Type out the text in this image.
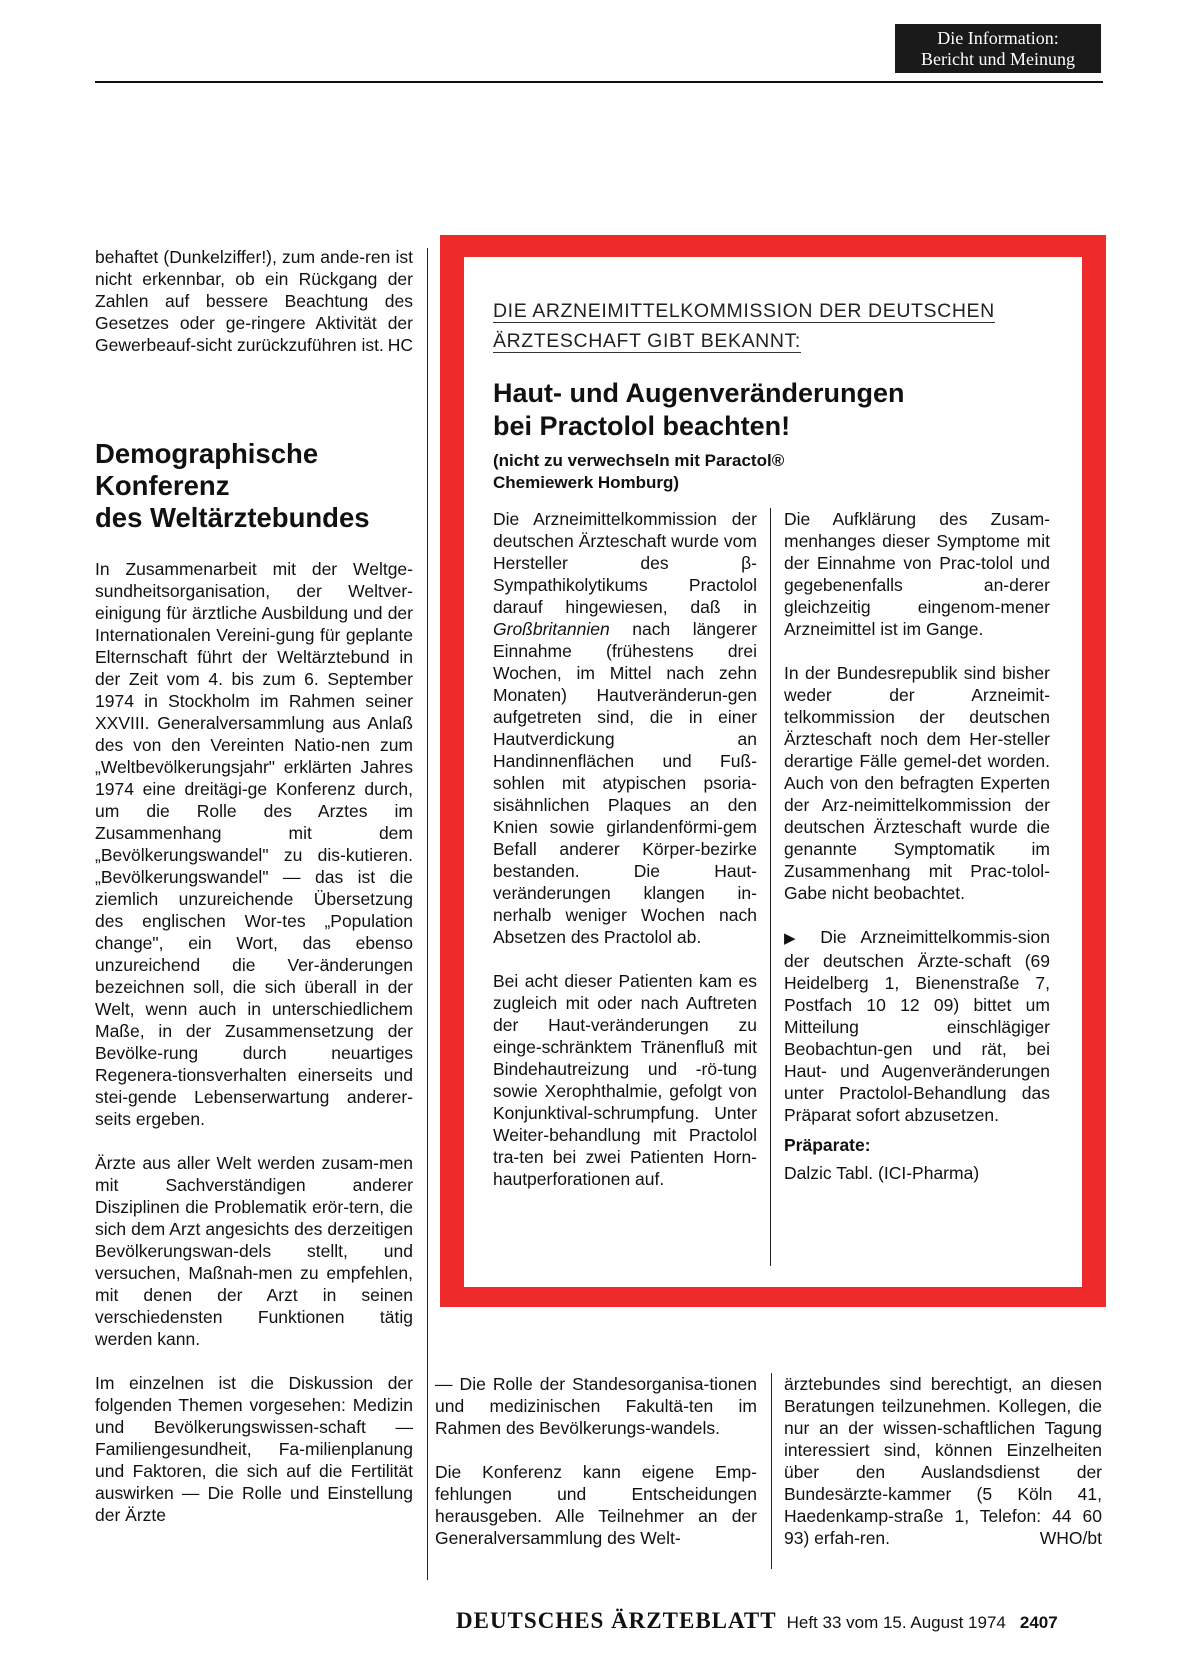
Die Information:
Bericht und Meinung

behaftet (Dunkelziffer!), zum ande-ren ist nicht erkennbar, ob ein Rückgang der Zahlen auf bessere Beachtung des Gesetzes oder ge-ringere Aktivität der Gewerbeauf-sicht zurückzuführen ist. HC
Demographische
Konferenz
des Weltärztebundes

In Zusammenarbeit mit der Weltge-sundheitsorganisation, der Weltver-einigung für ärztliche Ausbildung und der Internationalen Vereini-gung für geplante Elternschaft führt der Weltärztebund in der Zeit vom 4. bis zum 6. September 1974 in Stockholm im Rahmen seiner XXVIII. Generalversammlung aus Anlaß des von den Vereinten Natio-nen zum „Weltbevölkerungsjahr" erklärten Jahres 1974 eine dreitägi-ge Konferenz durch, um die Rolle des Arztes im Zusammenhang mit dem „Bevölkerungswandel" zu dis-kutieren. „Bevölkerungswandel" — das ist die ziemlich unzureichende Übersetzung des englischen Wor-tes „Population change", ein Wort, das ebenso unzureichend die Ver-änderungen bezeichnen soll, die sich überall in der Welt, wenn auch in unterschiedlichem Maße, in der Zusammensetzung der Bevölke-rung durch neuartiges Regenera-tionsverhalten einerseits und stei-gende Lebenserwartung anderer-seits ergeben.

Ärzte aus aller Welt werden zusam-men mit Sachverständigen anderer Disziplinen die Problematik erör-tern, die sich dem Arzt angesichts des derzeitigen Bevölkerungswan-dels stellt, und versuchen, Maßnah-men zu empfehlen, mit denen der Arzt in seinen verschiedensten Funktionen tätig werden kann.

Im einzelnen ist die Diskussion der folgenden Themen vorgesehen: Medizin und Bevölkerungswissen-schaft — Familiengesundheit, Fa-milienplanung und Faktoren, die sich auf die Fertilität auswirken — Die Rolle und Einstellung der Ärzte

DIE ARZNEIMITTELKOMMISSION DER DEUTSCHEN
ÄRZTESCHAFT GIBT BEKANNT:
Haut- und Augenveränderungen
bei Practolol beachten!
(nicht zu verwechseln mit Paractol®
Chemiewerk Homburg)

Die Arzneimittelkommission der deutschen Ärzteschaft wurde vom Hersteller des β-Sympathikolytikums Practolol darauf hingewiesen, daß in Großbritannien nach längerer Einnahme (frühestens drei Wochen, im Mittel nach zehn Monaten) Hautveränderun-gen aufgetreten sind, die in einer Hautverdickung an Handinnenflächen und Fuß-sohlen mit atypischen psoria-sisähnlichen Plaques an den Knien sowie girlandenförmi-gem Befall anderer Körper-bezirke bestanden. Die Haut-veränderungen klangen in-nerhalb weniger Wochen nach Absetzen des Practolol ab.

Bei acht dieser Patienten kam es zugleich mit oder nach Auftreten der Haut-veränderungen zu einge-schränktem Tränenfluß mit Bindehautreizung und -rö-tung sowie Xerophthalmie, gefolgt von Konjunktival-schrumpfung. Unter Weiter-behandlung mit Practolol tra-ten bei zwei Patienten Horn-hautperforationen auf.

Die Aufklärung des Zusam-menhanges dieser Symptome mit der Einnahme von Prac-tolol und gegebenenfalls an-derer gleichzeitig eingenom-mener Arzneimittel ist im Gange.

In der Bundesrepublik sind bisher weder der Arzneimit-telkommission der deutschen Ärzteschaft noch dem Her-steller derartige Fälle gemel-det worden. Auch von den befragten Experten der Arz-neimittelkommission der deutschen Ärzteschaft wurde die genannte Symptomatik im Zusammenhang mit Prac-tolol-Gabe nicht beobachtet.

▶ Die Arzneimittelkommis-sion der deutschen Ärzte-schaft (69 Heidelberg 1, Bienenstraße 7, Postfach 10 12 09) bittet um Mitteilung einschlägiger Beobachtun-gen und rät, bei Haut- und Augenveränderungen unter Practolol-Behandlung das Präparat sofort abzusetzen.

Präparate:
Dalzic Tabl. (ICI-Pharma)

— Die Rolle der Standesorganisa-tionen und medizinischen Fakultä-ten im Rahmen des Bevölkerungs-wandels.

Die Konferenz kann eigene Emp-fehlungen und Entscheidungen herausgeben. Alle Teilnehmer an der Generalversammlung des Welt-

ärztebundes sind berechtigt, an diesen Beratungen teilzunehmen. Kollegen, die nur an der wissen-schaftlichen Tagung interessiert sind, können Einzelheiten über den Auslandsdienst der Bundesärzte-kammer (5 Köln 41, Haedenkamp-straße 1, Telefon: 44 60 93) erfah-ren.	WHO/bt
DEUTSCHES ÄRZTEBLATT Heft 33 vom 15. August 1974 2407
